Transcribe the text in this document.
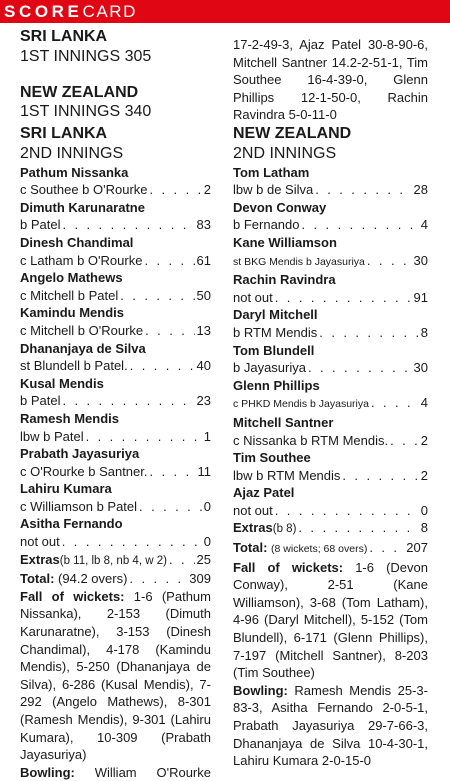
SCORECARD
SRI LANKA
1ST INNINGS 305
NEW ZEALAND
1ST INNINGS 340
SRI LANKA
2ND INNINGS
Pathum Nissanka
c Southee b O'Rourke . . .	2
Dimuth Karunaratne
b Patel . . .	83
Dinesh Chandimal
c Latham b O'Rourke . . .	61
Angelo Mathews
c Mitchell b Patel . . .	50
Kamindu Mendis
c Mitchell b O'Rourke . . .	13
Dhananjaya de Silva
st Blundell b Patel. . . .	40
Kusal Mendis
b Patel . . .	23
Ramesh Mendis
lbw b Patel . . .	1
Prabath Jayasuriya
c O'Rourke b Santner. . . .	11
Lahiru Kumara
c Williamson b Patel . . .	0
Asitha Fernando
not out . . .	0
Extras(b 11, lb 8, nb 4, w 2) . . . 25
Total: (94.2 overs) . . .	309
Fall of wickets: 1-6 (Pathum Nissanka), 2-153 (Dimuth Karunaratne), 3-153 (Dinesh Chandimal), 4-178 (Kamindu Mendis), 5-250 (Dhananjaya de Silva), 6-286 (Kusal Mendis), 7-292 (Angelo Mathews), 8-301 (Ramesh Mendis), 9-301 (Lahiru Kumara), 10-309 (Prabath Jayasuriya)
Bowling: William O'Rourke
17-2-49-3, Ajaz Patel 30-8-90-6, Mitchell Santner 14.2-2-51-1, Tim Southee 16-4-39-0, Glenn Phillips 12-1-50-0, Rachin Ravindra 5-0-11-0
NEW ZEALAND
2ND INNINGS
Tom Latham
lbw b de Silva . . .	28
Devon Conway
b Fernando . . .	4
Kane Williamson
st BKG Mendis b Jayasuriya . . .	30
Rachin Ravindra
not out . . .	91
Daryl Mitchell
b RTM Mendis . . .	8
Tom Blundell
b Jayasuriya . . .	30
Glenn Phillips
c PHKD Mendis b Jayasuriya . . .	4
Mitchell Santner
c Nissanka b RTM Mendis. . . .	2
Tim Southee
lbw b RTM Mendis . . .	2
Ajaz Patel
not out . . .	0
Extras(b 8) . . .	8
Total: (8 wickets; 68 overs) . . .	207
Fall of wickets: 1-6 (Devon Conway), 2-51 (Kane Williamson), 3-68 (Tom Latham), 4-96 (Daryl Mitchell), 5-152 (Tom Blundell), 6-171 (Glenn Phillips), 7-197 (Mitchell Santner), 8-203 (Tim Southee)
Bowling: Ramesh Mendis 25-3-83-3, Asitha Fernando 2-0-5-1, Prabath Jayasuriya 29-7-66-3, Dhananjaya de Silva 10-4-30-1, Lahiru Kumara 2-0-15-0
